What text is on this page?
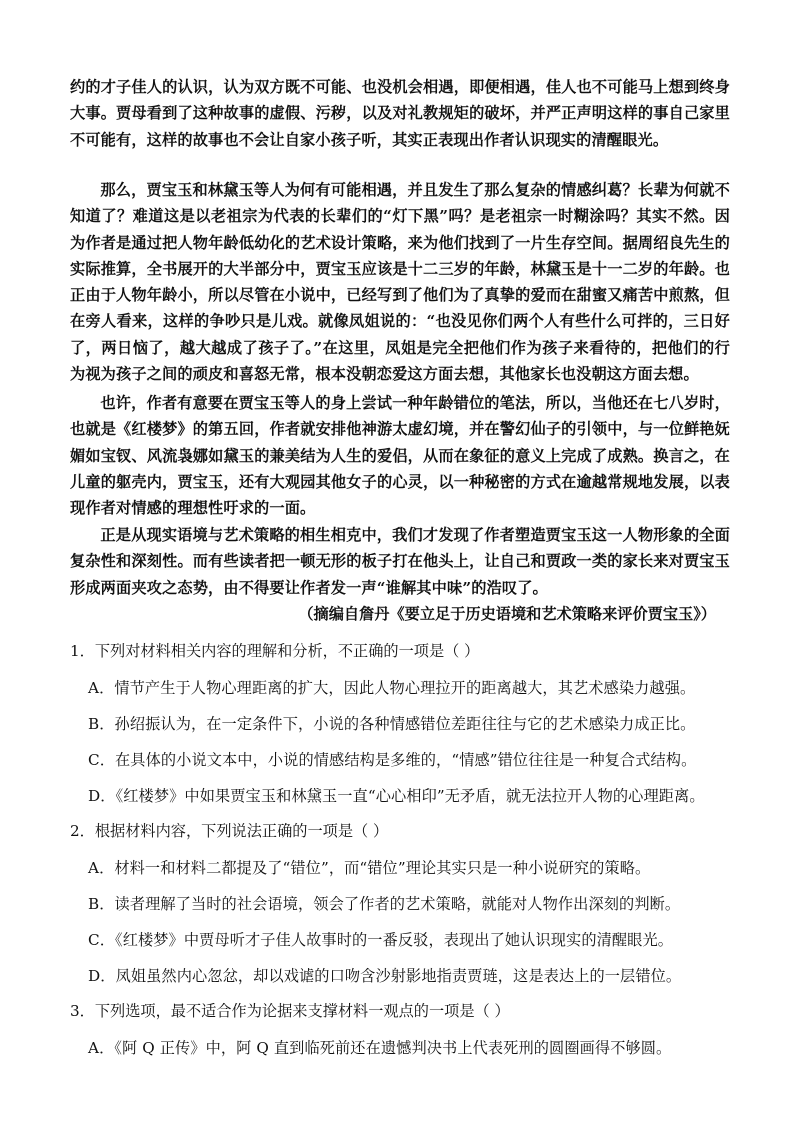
约的才子佳人的认识，认为双方既不可能、也没机会相遇，即便相遇，佳人也不可能马上想到终身大事。贾母看到了这种故事的虚假、污秽，以及对礼教规矩的破坏，并严正声明这样的事自己家里不可能有，这样的故事也不会让自家小孩子听，其实正表现出作者认识现实的清醒眼光。
那么，贾宝玉和林黛玉等人为何有可能相遇，并且发生了那么复杂的情感纠葛？长辈为何就不知道了？难道这是以老祖宗为代表的长辈们的“灯下黑”吗？是老祖宗一时糊涂吗？其实不然。因为作者是通过把人物年龄低幼化的艺术设计策略，来为他们找到了一片生存空间。据周绍良先生的实际推算，全书展开的大半部分中，贾宝玉应该是十二三岁的年龄，林黛玉是十一二岁的年龄。也正由于人物年龄小，所以尽管在小说中，已经写到了他们为了真挚的爱而在甜蜜又痛苦中煎熬，但在旁人看来，这样的争吵只是儿戏。就像凤姐说的：“也没见你们两个人有些什么可拌的，三日好了，两日恼了，越大越成了孩子了。”在这里，凤姐是完全把他们作为孩子来看待的，把他们的行为视为孩子之间的顽皮和喜怒无常，根本没朝恋爱这方面去想，其他家长也没朝这方面去想。
也许，作者有意要在贾宝玉等人的身上尝试一种年龄错位的笔法，所以，当他还在七八岁时，也就是《红楼梦》的第五回，作者就安排他神游太虚幻境，并在警幻仙子的引领中，与一位鲜艳妩媚如宝钗、风流袅娜如黛玉的兼美结为人生的爱侣，从而在象征的意义上完成了成熟。换言之，在儿童的躯壳内，贾宝玉，还有大观园其他女子的心灵，以一种秘密的方式在逾越常规地发展，以表现作者对情感的理想性吁求的一面。
正是从现实语境与艺术策略的相生相克中，我们才发现了作者塑造贾宝玉这一人物形象的全面复杂性和深刻性。而有些读者把一顿无形的板子打在他头上，让自己和贾政一类的家长来对贾宝玉形成两面夹攻之态势，由不得要让作者发一声“谁解其中味”的浩叹了。
（摘编自詹丹《要立足于历史语境和艺术策略来评价贾宝玉》）
1．下列对材料相关内容的理解和分析，不正确的一项是（ ）
A．情节产生于人物心理距离的扩大，因此人物心理拉开的距离越大，其艺术感染力越强。
B．孙绍振认为，在一定条件下，小说的各种情感错位差距往往与它的艺术感染力成正比。
C．在具体的小说文本中，小说的情感结构是多维的，“情感”错位往往是一种复合式结构。
D．《红楼梦》中如果贾宝玉和林黛玉一直“心心相印”无矛盾，就无法拉开人物的心理距离。
2．根据材料内容，下列说法正确的一项是（ ）
A．材料一和材料二都提及了“错位”，而“错位”理论其实只是一种小说研究的策略。
B．读者理解了当时的社会语境，领会了作者的艺术策略，就能对人物作出深刻的判断。
C．《红楼梦》中贾母听才子佳人故事时的一番反驳，表现出了她认识现实的清醒眼光。
D．凤姐虽然内心忽忿，却以戏谑的口吻含沙射影地指责贾琏，这是表达上的一层错位。
3．下列选项，最不适合作为论据来支撑材料一观点的一项是（ ）
A．《阿 Q 正传》中，阿 Q 直到临死前还在遗憾判决书上代表死刑的圆圈画得不够圆。
